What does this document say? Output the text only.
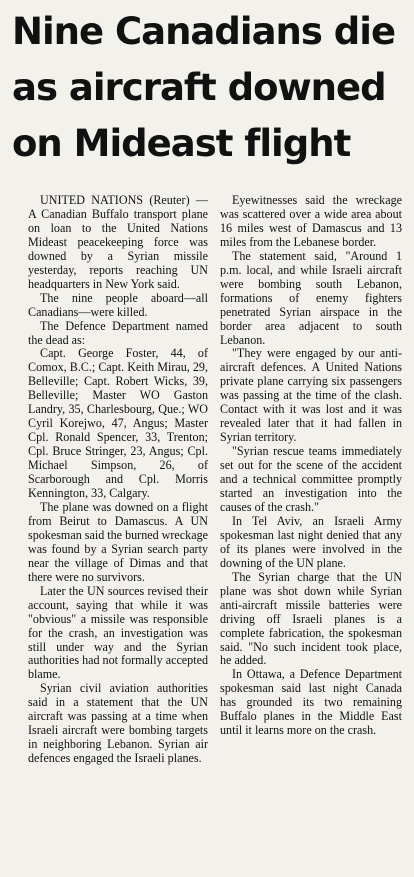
Nine Canadians die
as aircraft downed
on Mideast flight

UNITED NATIONS (Reuter) — A Canadian Buffalo transport plane on loan to the United Nations Mideast peacekeeping force was downed by a Syrian missile yesterday, reports reaching UN headquarters in New York said.

The nine people aboard—all Canadians—were killed.

The Defence Department named the dead as:

Capt. George Foster, 44, of Comox, B.C.; Capt. Keith Mirau, 29, Belleville; Capt. Robert Wicks, 39, Belleville; Master WO Gaston Landry, 35, Charlesbourg, Que.; WO Cyril Korejwo, 47, Angus; Master Cpl. Ronald Spencer, 33, Trenton; Cpl. Bruce Stringer, 23, Angus; Cpl. Michael Simpson, 26, of Scarborough and Cpl. Morris Kennington, 33, Calgary.

The plane was downed on a flight from Beirut to Damascus. A UN spokesman said the burned wreckage was found by a Syrian search party near the village of Dimas and that there were no survivors.

Later the UN sources revised their account, saying that while it was "obvious" a missile was responsible for the crash, an investigation was still under way and the Syrian authorities had not formally accepted blame.

Syrian civil aviation authorities said in a statement that the UN aircraft was passing at a time when Israeli aircraft were bombing targets in neighboring Lebanon. Syrian air defences engaged the Israeli planes.

Eyewitnesses said the wreckage was scattered over a wide area about 16 miles west of Damascus and 13 miles from the Lebanese border.

The statement said, "Around 1 p.m. local, and while Israeli aircraft were bombing south Lebanon, formations of enemy fighters penetrated Syrian airspace in the border area adjacent to south Lebanon.

"They were engaged by our anti-aircraft defences. A United Nations private plane carrying six passengers was passing at the time of the clash. Contact with it was lost and it was revealed later that it had fallen in Syrian territory.

"Syrian rescue teams immediately set out for the scene of the accident and a technical committee promptly started an investigation into the causes of the crash."

In Tel Aviv, an Israeli Army spokesman last night denied that any of its planes were involved in the downing of the UN plane.

The Syrian charge that the UN plane was shot down while Syrian anti-aircraft missile batteries were driving off Israeli planes is a complete fabrication, the spokesman said. "No such incident took place, he added.

In Ottawa, a Defence Department spokesman said last night Canada has grounded its two remaining Buffalo planes in the Middle East until it learns more on the crash.
